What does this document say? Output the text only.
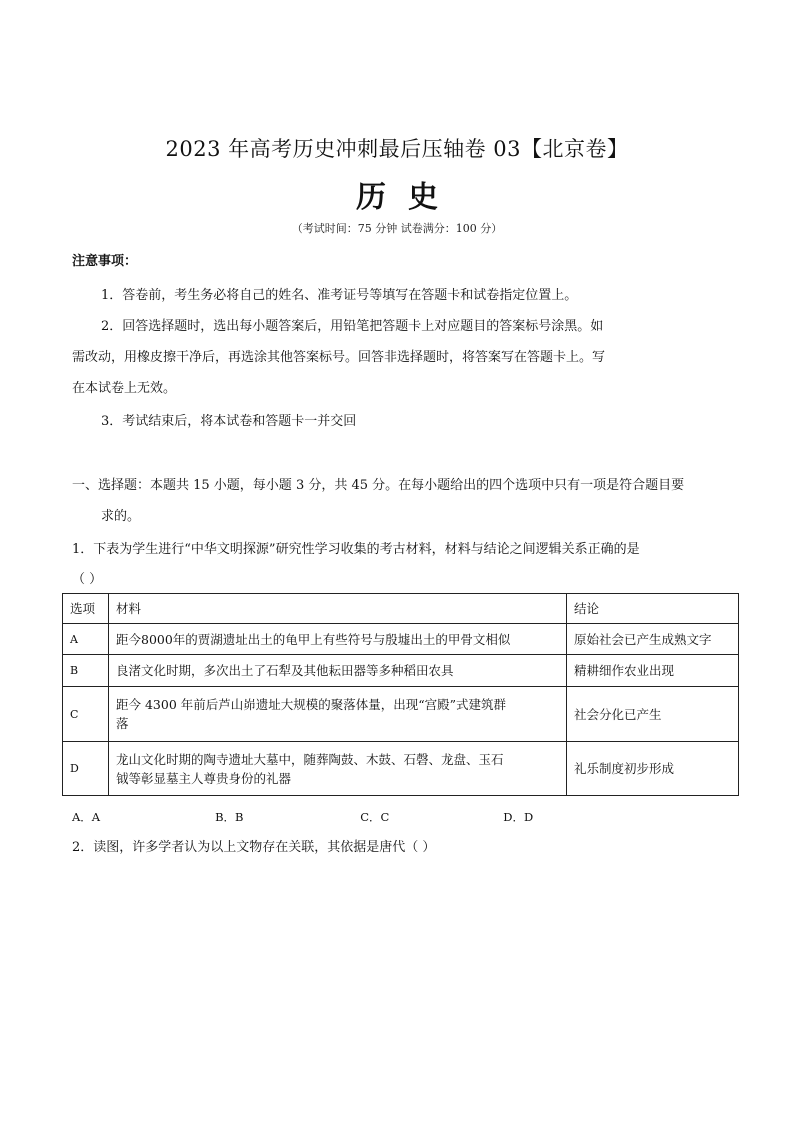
2023 年高考历史冲刺最后压轴卷 03【北京卷】
历史
（考试时间：75 分钟 试卷满分：100 分）
注意事项：
1．答卷前，考生务必将自己的姓名、准考证号等填写在答题卡和试卷指定位置上。
2．回答选择题时，选出每小题答案后，用铅笔把答题卡上对应题目的答案标号涂黑。如
需改动，用橡皮擦干净后，再选涂其他答案标号。回答非选择题时，将答案写在答题卡上。写
在本试卷上无效。
3．考试结束后，将本试卷和答题卡一并交回
一、选择题：本题共 15 小题，每小题 3 分，共 45 分。在每小题给出的四个选项中只有一项是符合题目要
求的。
1．下表为学生进行“中华文明探源”研究性学习收集的考古材料，材料与结论之间逻辑关系正确的是
（ ）
选项	材料	结论
A	距今8000年的贾湖遗址出土的龟甲上有些符号与殷墟出土的甲骨文相似	原始社会已产生成熟文字
B	良渚文化时期，多次出土了石犁及其他耘田器等多种稻田农具	精耕细作农业出现
C	距今 4300 年前后芦山峁遗址大规模的聚落体量，出现“宫殿”式建筑群
落	社会分化已产生
D	龙山文化时期的陶寺遗址大墓中，随葬陶鼓、木鼓、石磬、龙盘、玉石
钺等彰显墓主人尊贵身份的礼器	礼乐制度初步形成
A．A	B．B	C．C	D．D
2．读图，许多学者认为以上文物存在关联，其依据是唐代（ ）
